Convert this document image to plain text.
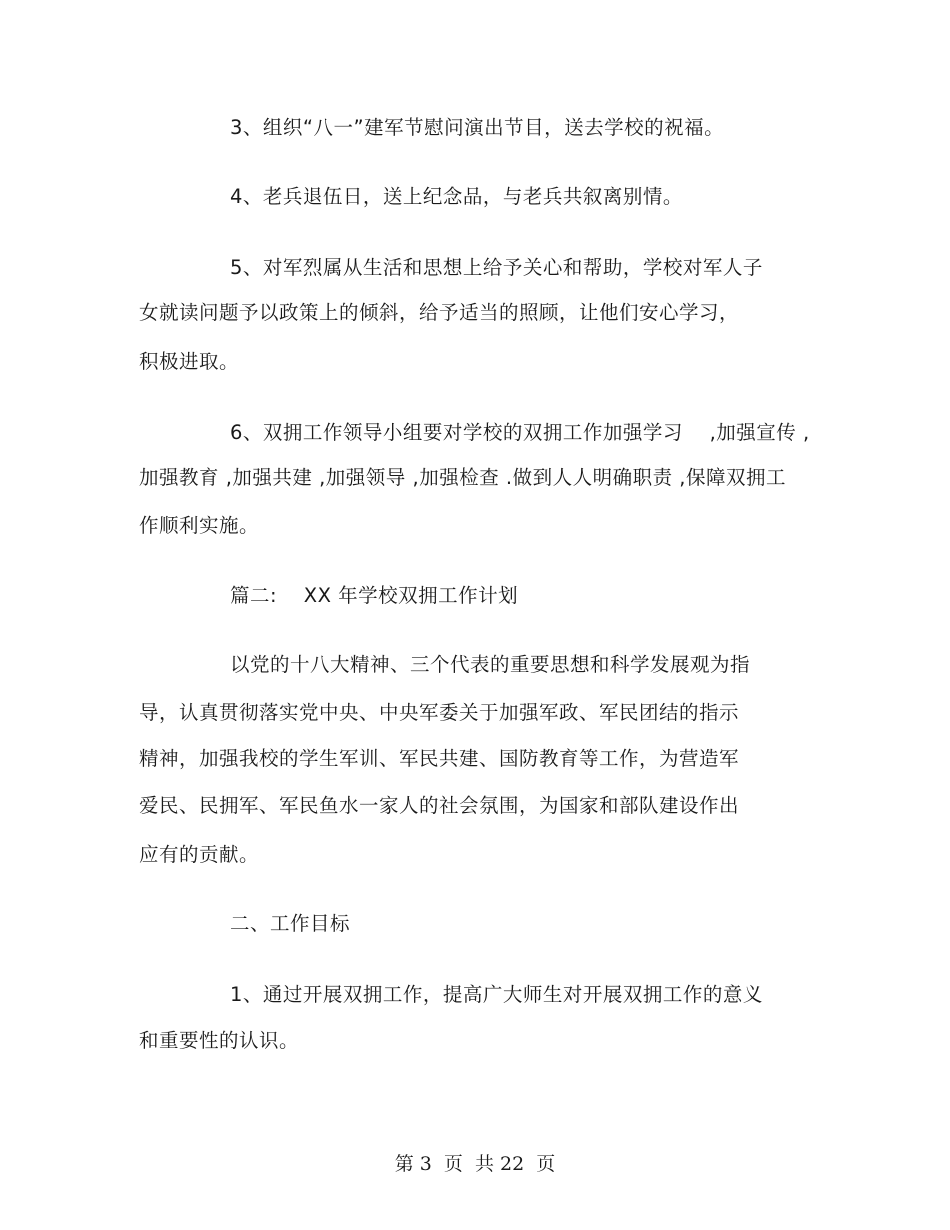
3、组织“八一”建军节慰问演出节目，送去学校的祝福。
4、老兵退伍日，送上纪念品，与老兵共叙离别情。
5、对军烈属从生活和思想上给予关心和帮助，学校对军人子
女就读问题予以政策上的倾斜，给予适当的照顾，让他们安心学习，
积极进取。
6、双拥工作领导小组要对学校的双拥工作加强学习　 ,加强宣传 ,
加强教育 ,加强共建 ,加强领导 ,加强检查 .做到人人明确职责 ,保障双拥工
作顺利实施。
篇二:　 XX 年学校双拥工作计划
以党的十八大精神、三个代表的重要思想和科学发展观为指
导，认真贯彻落实党中央、中央军委关于加强军政、军民团结的指示
精神，加强我校的学生军训、军民共建、国防教育等工作，为营造军
爱民、民拥军、军民鱼水一家人的社会氛围，为国家和部队建设作出
应有的贡献。
二、工作目标
1、通过开展双拥工作，提高广大师生对开展双拥工作的意义
和重要性的认识。
第 3  页  共 22  页
